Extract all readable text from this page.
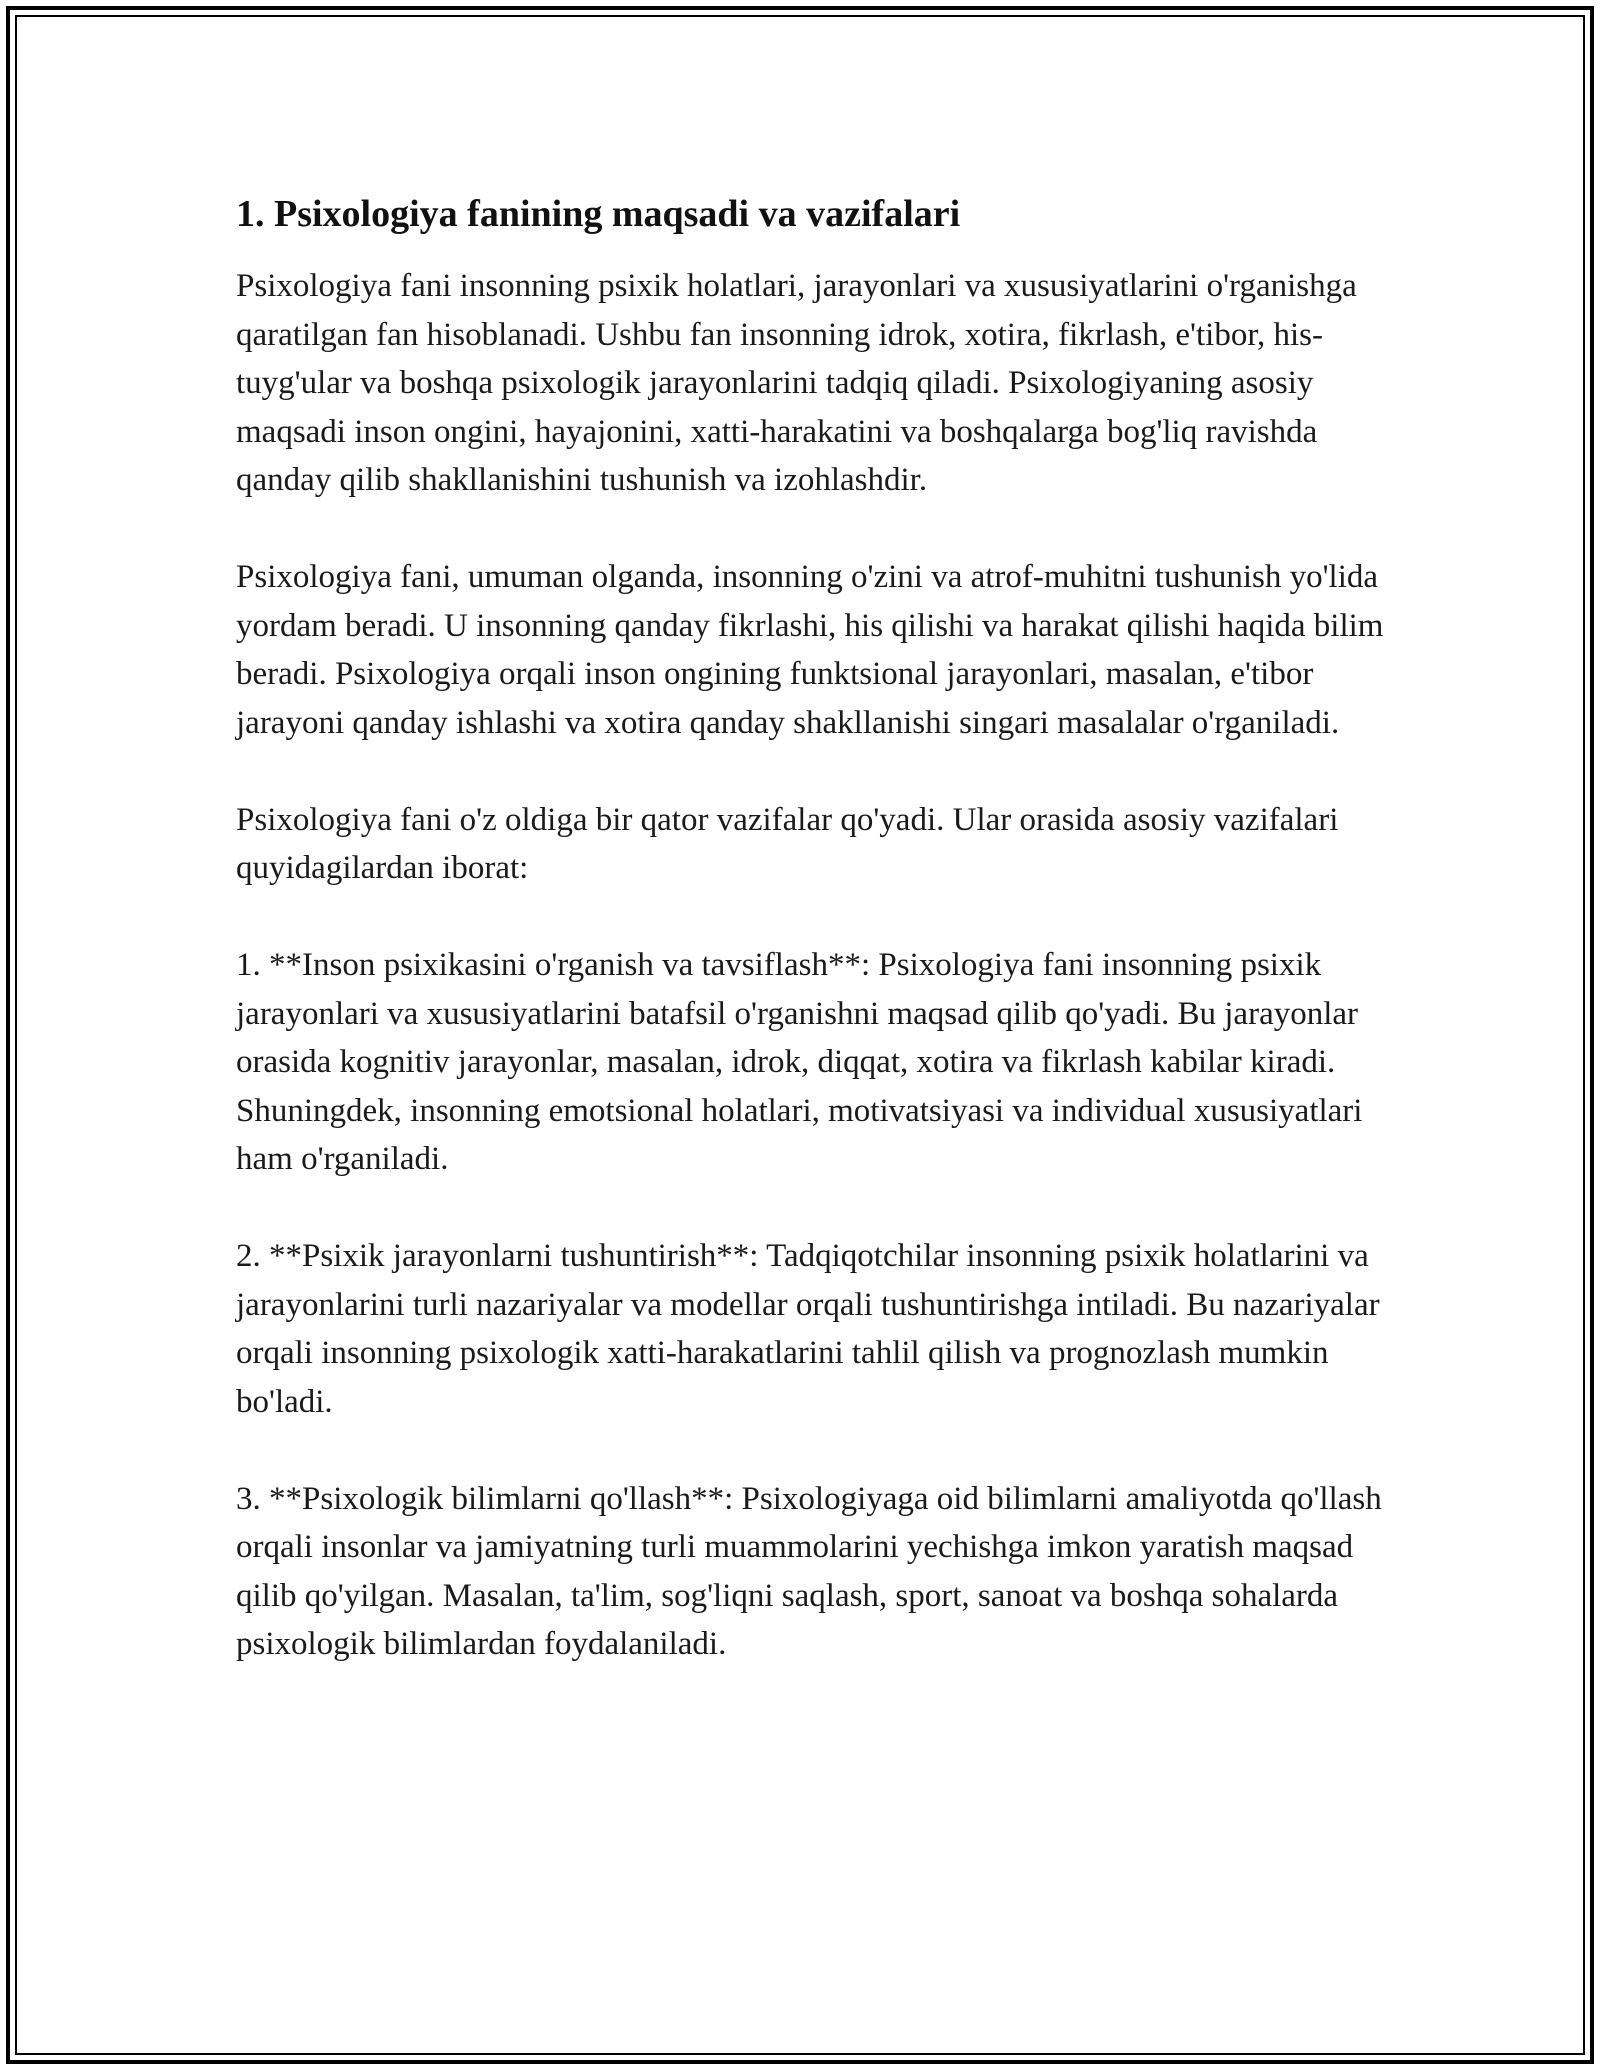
1. Psixologiya fanining maqsadi va vazifalari

Psixologiya fani insonning psixik holatlari, jarayonlari va xususiyatlarini o'rganishga qaratilgan fan hisoblanadi. Ushbu fan insonning idrok, xotira, fikrlash, e'tibor, his-tuyg'ular va boshqa psixologik jarayonlarini tadqiq qiladi. Psixologiyaning asosiy maqsadi inson ongini, hayajonini, xatti-harakatini va boshqalarga bog'liq ravishda qanday qilib shakllanishini tushunish va izohlashdir.

Psixologiya fani, umuman olganda, insonning o'zini va atrof-muhitni tushunish yo'lida yordam beradi. U insonning qanday fikrlashi, his qilishi va harakat qilishi haqida bilim beradi. Psixologiya orqali inson ongining funktsional jarayonlari, masalan, e'tibor jarayoni qanday ishlashi va xotira qanday shakllanishi singari masalalar o'rganiladi.

Psixologiya fani o'z oldiga bir qator vazifalar qo'yadi. Ular orasida asosiy vazifalari quyidagilardan iborat:

1. **Inson psixikasini o'rganish va tavsiflash**: Psixologiya fani insonning psixik jarayonlari va xususiyatlarini batafsil o'rganishni maqsad qilib qo'yadi. Bu jarayonlar orasida kognitiv jarayonlar, masalan, idrok, diqqat, xotira va fikrlash kabilar kiradi. Shuningdek, insonning emotsional holatlari, motivatsiyasi va individual xususiyatlari ham o'rganiladi.

2. **Psixik jarayonlarni tushuntirish**: Tadqiqotchilar insonning psixik holatlarini va jarayonlarini turli nazariyalar va modellar orqali tushuntirishga intiladi. Bu nazariyalar orqali insonning psixologik xatti-harakatlarini tahlil qilish va prognozlash mumkin bo'ladi.

3. **Psixologik bilimlarni qo'llash**: Psixologiyaga oid bilimlarni amaliyotda qo'llash orqali insonlar va jamiyatning turli muammolarini yechishga imkon yaratish maqsad qilib qo'yilgan. Masalan, ta'lim, sog'liqni saqlash, sport, sanoat va boshqa sohalarda psixologik bilimlardan foydalaniladi.
